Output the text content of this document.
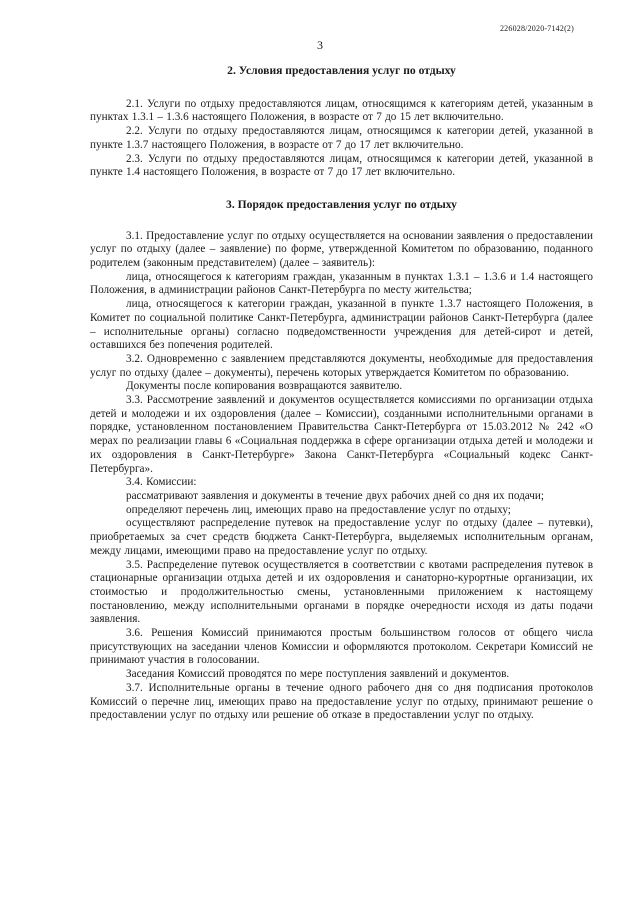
226028/2020-7142(2)
3
2. Условия предоставления услуг по отдыху

2.1. Услуги по отдыху предоставляются лицам, относящимся к категориям детей, указанным в пунктах 1.3.1 – 1.3.6 настоящего Положения, в возрасте от 7 до 15 лет включительно.

2.2. Услуги по отдыху предоставляются лицам, относящимся к категории детей, указанной в пункте 1.3.7 настоящего Положения, в возрасте от 7 до 17 лет включительно.

2.3. Услуги по отдыху предоставляются лицам, относящимся к категории детей, указанной в пункте 1.4 настоящего Положения, в возрасте от 7 до 17 лет включительно.

3. Порядок предоставления услуг по отдыху

3.1. Предоставление услуг по отдыху осуществляется на основании заявления о предоставлении услуг по отдыху (далее – заявление) по форме, утвержденной Комитетом по образованию, поданного родителем (законным представителем) (далее – заявитель):

лица, относящегося к категориям граждан, указанным в пунктах 1.3.1 – 1.3.6 и 1.4 настоящего Положения, в администрации районов Санкт-Петербурга по месту жительства;

лица, относящегося к категории граждан, указанной в пункте 1.3.7 настоящего Положения, в Комитет по социальной политике Санкт-Петербурга, администрации районов Санкт-Петербурга (далее – исполнительные органы) согласно подведомственности учреждения для детей-сирот и детей, оставшихся без попечения родителей.

3.2. Одновременно с заявлением представляются документы, необходимые для предоставления услуг по отдыху (далее – документы), перечень которых утверждается Комитетом по образованию.

Документы после копирования возвращаются заявителю.

3.3. Рассмотрение заявлений и документов осуществляется комиссиями по организации отдыха детей и молодежи и их оздоровления (далее – Комиссии), созданными исполнительными органами в порядке, установленном постановлением Правительства Санкт-Петербурга от 15.03.2012 № 242 «О мерах по реализации главы 6 «Социальная поддержка в сфере организации отдыха детей и молодежи и их оздоровления в Санкт-Петербурге» Закона Санкт-Петербурга «Социальный кодекс Санкт-Петербурга».

3.4. Комиссии:

рассматривают заявления и документы в течение двух рабочих дней со дня их подачи;

определяют перечень лиц, имеющих право на предоставление услуг по отдыху;

осуществляют распределение путевок на предоставление услуг по отдыху (далее – путевки), приобретаемых за счет средств бюджета Санкт-Петербурга, выделяемых исполнительным органам, между лицами, имеющими право на предоставление услуг по отдыху.

3.5. Распределение путевок осуществляется в соответствии с квотами распределения путевок в стационарные организации отдыха детей и их оздоровления и санаторно-курортные организации, их стоимостью и продолжительностью смены, установленными приложением к настоящему постановлению, между исполнительными органами в порядке очередности исходя из даты подачи заявления.

3.6. Решения Комиссий принимаются простым большинством голосов от общего числа присутствующих на заседании членов Комиссии и оформляются протоколом. Секретари Комиссий не принимают участия в голосовании.

Заседания Комиссий проводятся по мере поступления заявлений и документов.

3.7. Исполнительные органы в течение одного рабочего дня со дня подписания протоколов Комиссий о перечне лиц, имеющих право на предоставление услуг по отдыху, принимают решение о предоставлении услуг по отдыху или решение об отказе в предоставлении услуг по отдыху.
